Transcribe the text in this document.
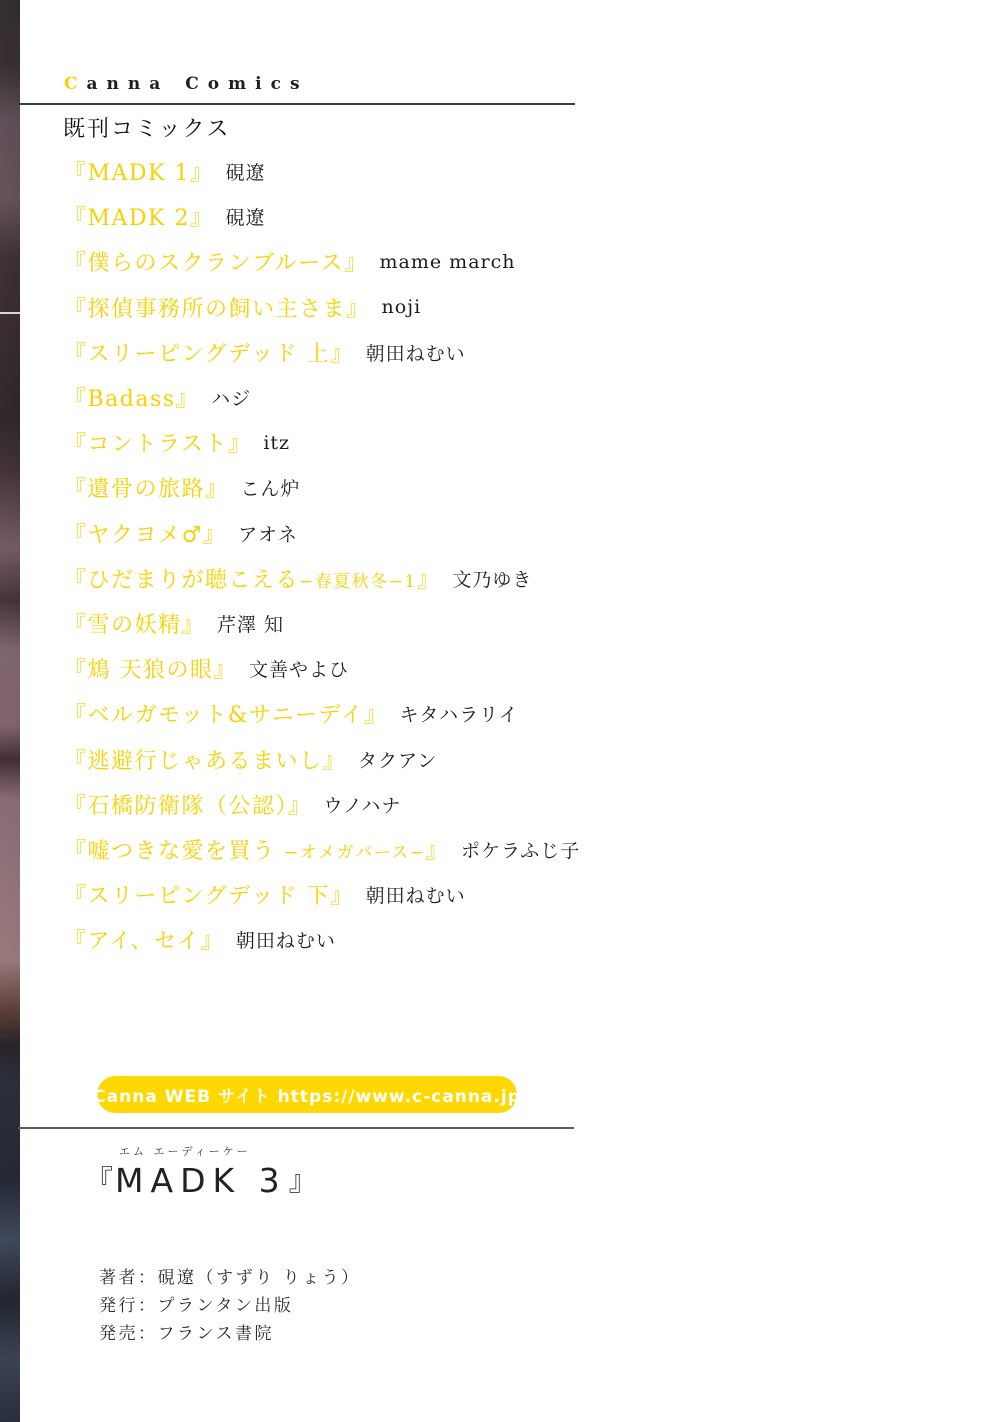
Canna Comics
既刊コミックス
『MADK 1』 硯遼
『MADK 2』 硯遼
『僕らのスクランブルース』 mame march
『探偵事務所の飼い主さま』 noji
『スリーピングデッド 上』 朝田ねむい
『Badass』 ハジ
『コントラスト』 itz
『遺骨の旅路』 こん炉
『ヤクヨメ♂』 アオネ
『ひだまりが聴こえる−春夏秋冬−1』 文乃ゆき
『雪の妖精』 芹澤 知
『鴆 天狼の眼』 文善やよひ
『ベルガモット&サニーデイ』 キタハラリイ
『逃避行じゃあるまいし』 タクアン
『石橋防衛隊（公認）』 ウノハナ
『嘘つきな愛を買う −オメガバース−』 ポケラふじ子
『スリーピングデッド 下』 朝田ねむい
『アイ、セイ』 朝田ねむい
Canna WEB サイト https://www.c-canna.jp
『
エム エーディーケー
MADK 3 』
著者：硯遼（すずり りょう）
発行：プランタン出版
発売：フランス書院
